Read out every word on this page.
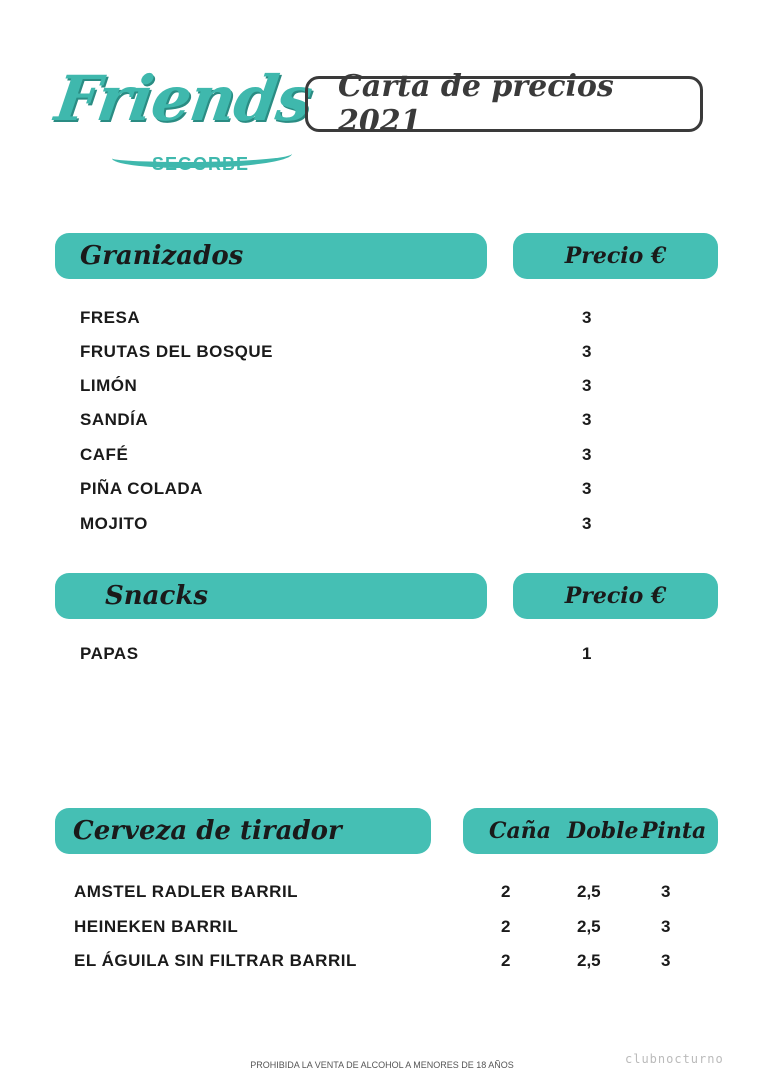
Friends
SEGORBE
Carta de precios 2021
Granizados	Precio €
FRESA	3
FRUTAS DEL BOSQUE	3
LIMÓN	3
SANDÍA	3
CAFÉ	3
PIÑA COLADA	3
MOJITO	3
Snacks	Precio €
PAPAS	1
Cerveza de tirador	Caña Doble Pinta
AMSTEL RADLER BARRIL	2	2,5	3
HEINEKEN BARRIL	2	2,5	3
EL ÁGUILA SIN FILTRAR BARRIL	2	2,5	3
PROHIBIDA LA VENTA DE ALCOHOL A MENORES DE 18 AÑOS	clubnocturno
